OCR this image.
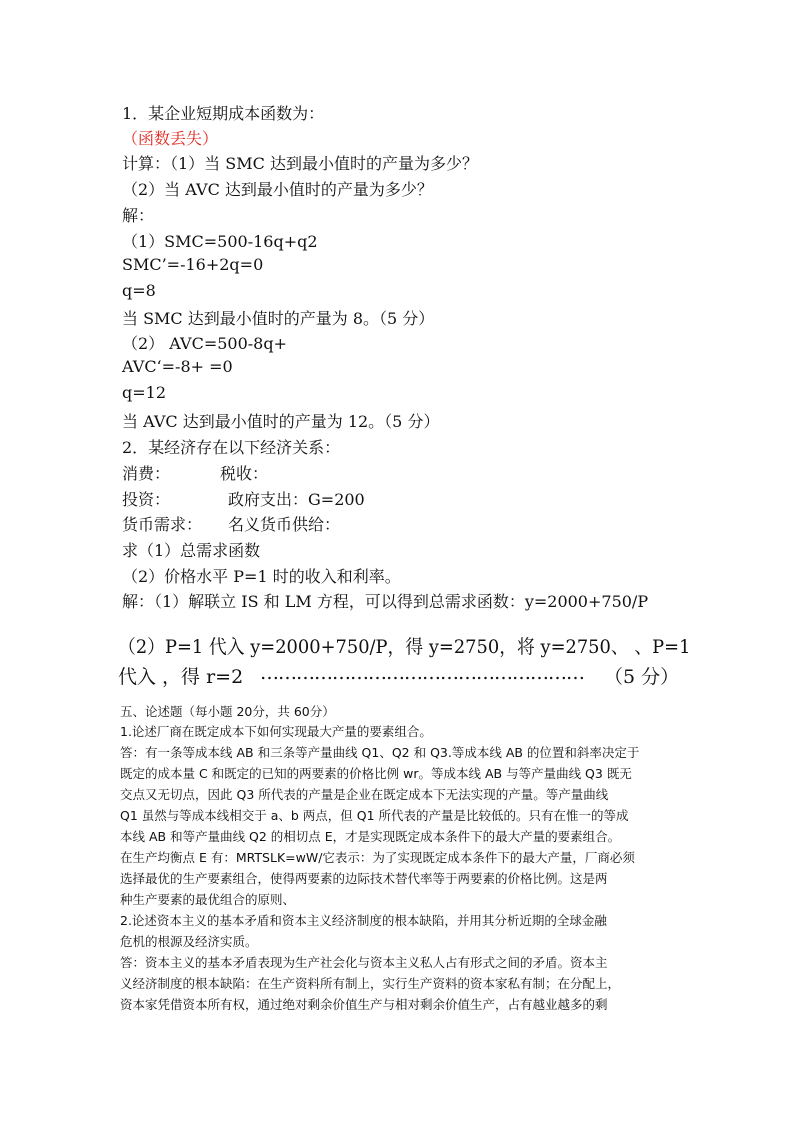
1．某企业短期成本函数为：
（函数丢失）
计算：（1）当 SMC 达到最小值时的产量为多少？
（2）当 AVC 达到最小值时的产量为多少？
解：
（1）SMC=500-16q+q2
SMC’=-16+2q=0
q=8
当 SMC 达到最小值时的产量为 8。（5 分）
（2） AVC=500-8q+
AVC‘=-8+ =0
q=12
当 AVC 达到最小值时的产量为 12。（5 分）
2．某经济存在以下经济关系：
消费：	税收：
投资：	政府支出：G=200
货币需求： 名义货币供给：
求（1）总需求函数
（2）价格水平 P=1 时的收入和利率。
解：（1）解联立 IS 和 LM 方程，可以得到总需求函数：y=2000+750/P
（2）P=1 代入 y=2000+750/P，得 y=2750，将 y=2750、 、P=1
代入 ，得 r=2 ……………………………………………… （5 分）
五、论述题（每小题 20分，共 60分）
1.论述厂商在既定成本下如何实现最大产量的要素组合。
答：有一条等成本线 AB 和三条等产量曲线 Q1、Q2 和 Q3.等成本线 AB 的位置和斜率决定于
既定的成本量 C 和既定的已知的两要素的价格比例 wr。等成本线 AB 与等产量曲线 Q3 既无
交点又无切点，因此 Q3 所代表的产量是企业在既定成本下无法实现的产量。等产量曲线
Q1 虽然与等成本线相交于 a、b 两点，但 Q1 所代表的产量是比较低的。只有在惟一的等成
本线 AB 和等产量曲线 Q2 的相切点 E，才是实现既定成本条件下的最大产量的要素组合。
在生产均衡点 E 有：MRTSLK=wW/它表示：为了实现既定成本条件下的最大产量，厂商必须
选择最优的生产要素组合，使得两要素的边际技术替代率等于两要素的价格比例。这是两
种生产要素的最优组合的原则、
2.论述资本主义的基本矛盾和资本主义经济制度的根本缺陷，并用其分析近期的全球金融
危机的根源及经济实质。
答：资本主义的基本矛盾表现为生产社会化与资本主义私人占有形式之间的矛盾。资本主
义经济制度的根本缺陷：在生产资料所有制上，实行生产资料的资本家私有制；在分配上，
资本家凭借资本所有权，通过绝对剩余价值生产与相对剩余价值生产，占有越业越多的剩
